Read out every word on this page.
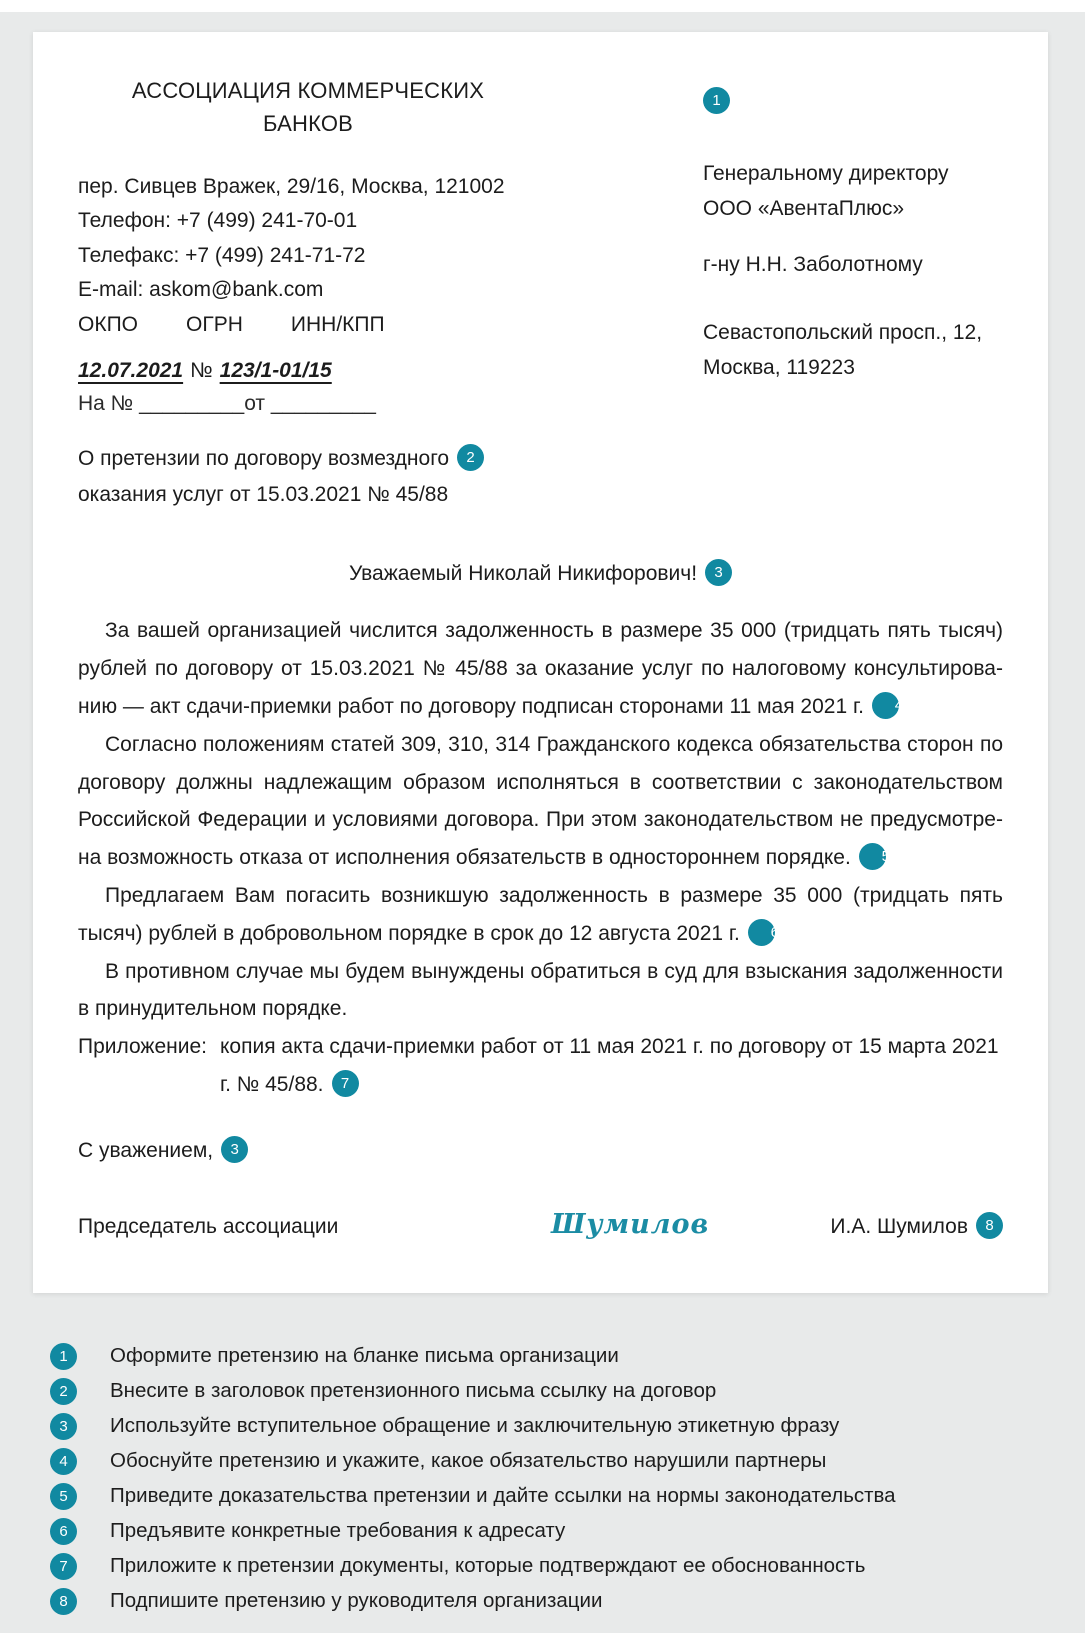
АССОЦИАЦИЯ КОММЕРЧЕСКИХ БАНКОВ
пер. Сивцев Вражек, 29/16, Москва, 121002
Телефон: +7 (499) 241-70-01
Телефакс: +7 (499) 241-71-72
E-mail: askom@bank.com
ОКПО ОГРН ИНН/КПП
12.07.2021 № 123/1-01/15
На № _________от _________
О претензии по договору возмездного 2
оказания услуг от 15.03.2021 № 45/88
1
Генеральному директору
ООО «АвентаПлюс»
г-ну Н.Н. Заболотному
Севастопольский просп., 12,
Москва, 119223
Уважаемый Николай Никифорович! 3

За вашей организацией числится задолженность в размере 35 000 (тридцать пять тысяч) рублей по договору от 15.03.2021 № 45/88 за оказание услуг по налоговому консультированию — акт сдачи-приемки работ по договору подписан сторонами 11 мая 2021 г. 4

Согласно положениям статей 309, 310, 314 Гражданского кодекса обязательства сторон по договору должны надлежащим образом исполняться в соответствии с законодательством Российской Федерации и условиями договора. При этом законодательством не предусмотрена возможность отказа от исполнения обязательств в одностороннем порядке. 5

Предлагаем Вам погасить возникшую задолженность в размере 35 000 (тридцать пять тысяч) рублей в добровольном порядке в срок до 12 августа 2021 г. 6

В противном случае мы будем вынуждены обратиться в суд для взыскания задолженности в принудительном порядке.

Приложение: копия акта сдачи-приемки работ от 11 мая 2021 г. по договору от 15 марта 2021 г. № 45/88. 7
С уважением, 3
Председатель ассоциации	Шумилов	И.А. Шумилов 8
1	Оформите претензию на бланке письма организации
2	Внесите в заголовок претензионного письма ссылку на договор
3	Используйте вступительное обращение и заключительную этикетную фразу
4	Обоснуйте претензию и укажите, какое обязательство нарушили партнеры
5	Приведите доказательства претензии и дайте ссылки на нормы законодательства
6	Предъявите конкретные требования к адресату
7	Приложите к претензии документы, которые подтверждают ее обоснованность
8	Подпишите претензию у руководителя организации
